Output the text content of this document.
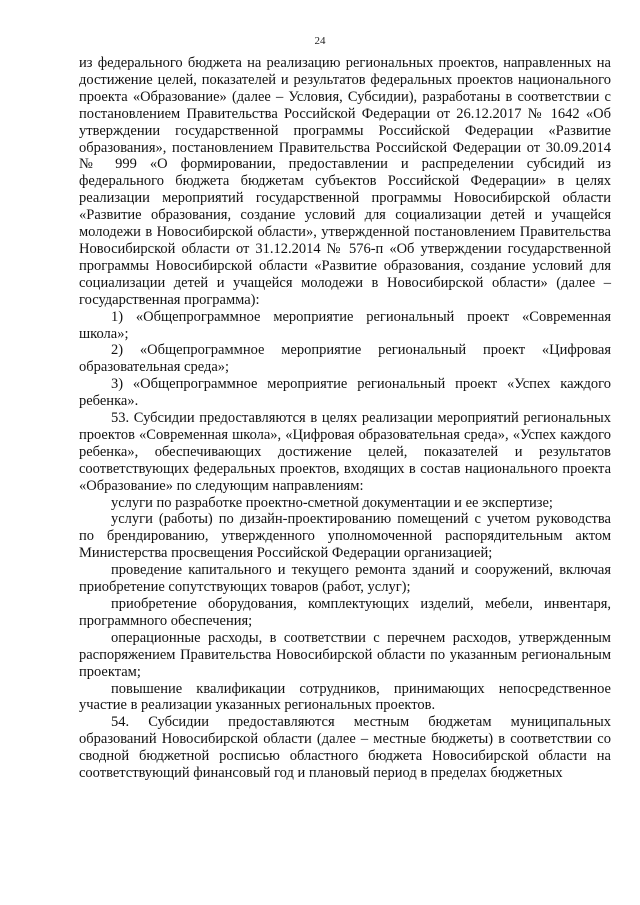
24

из федерального бюджета на реализацию региональных проектов, направленных на достижение целей, показателей и результатов федеральных проектов национального проекта «Образование» (далее – Условия, Субсидии), разработаны в соответствии с постановлением Правительства Российской Федерации от 26.12.2017 № 1642 «Об утверждении государственной программы Российской Федерации «Развитие образования», постановлением Правительства Российской Федерации от 30.09.2014 № 999 «О формировании, предоставлении и распределении субсидий из федерального бюджета бюджетам субъектов Российской Федерации» в целях реализации мероприятий государственной программы Новосибирской области «Развитие образования, создание условий для социализации детей и учащейся молодежи в Новосибирской области», утвержденной постановлением Правительства Новосибирской области от 31.12.2014 № 576-п «Об утверждении государственной программы Новосибирской области «Развитие образования, создание условий для социализации детей и учащейся молодежи в Новосибирской области» (далее – государственная программа):

1) «Общепрограммное мероприятие региональный проект «Современная школа»;

2) «Общепрограммное мероприятие региональный проект «Цифровая образовательная среда»;

3) «Общепрограммное мероприятие региональный проект «Успех каждого ребенка».

53. Субсидии предоставляются в целях реализации мероприятий региональных проектов «Современная школа», «Цифровая образовательная среда», «Успех каждого ребенка», обеспечивающих достижение целей, показателей и результатов соответствующих федеральных проектов, входящих в состав национального проекта «Образование» по следующим направлениям:

услуги по разработке проектно-сметной документации и ее экспертизе;

услуги (работы) по дизайн-проектированию помещений с учетом руководства по брендированию, утвержденного уполномоченной распорядительным актом Министерства просвещения Российской Федерации организацией;

проведение капитального и текущего ремонта зданий и сооружений, включая приобретение сопутствующих товаров (работ, услуг);

приобретение оборудования, комплектующих изделий, мебели, инвентаря, программного обеспечения;

операционные расходы, в соответствии с перечнем расходов, утвержденным распоряжением Правительства Новосибирской области по указанным региональным проектам;

повышение квалификации сотрудников, принимающих непосредственное участие в реализации указанных региональных проектов.

54. Субсидии предоставляются местным бюджетам муниципальных образований Новосибирской области (далее – местные бюджеты) в соответствии со сводной бюджетной росписью областного бюджета Новосибирской области на соответствующий финансовый год и плановый период в пределах бюджетных
